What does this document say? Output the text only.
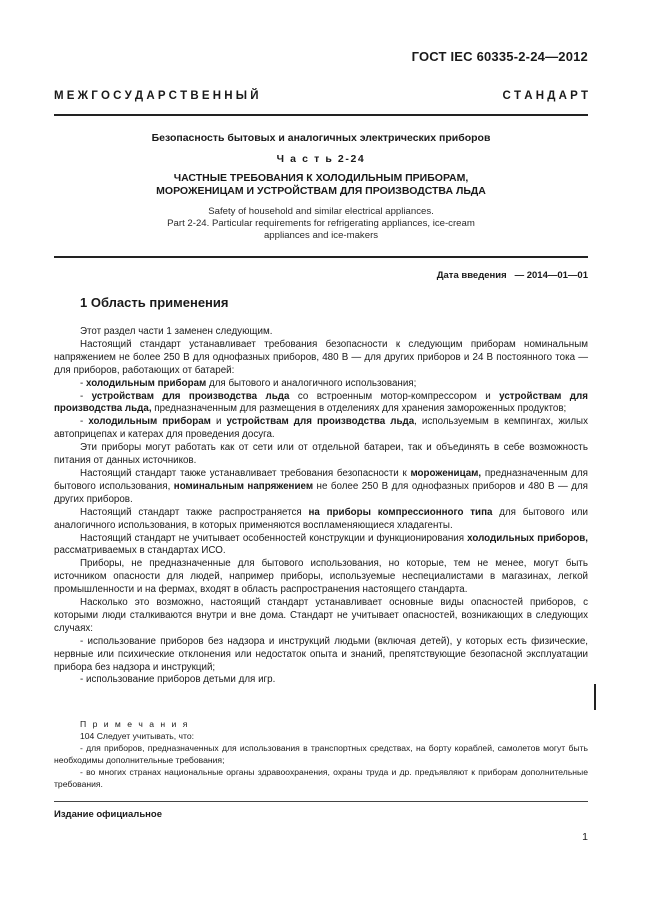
ГОСТ IEC 60335-2-24—2012
М Е Ж Г О С У Д А Р С Т В Е Н Н Ы Й	С Т А Н Д А Р Т
Безопасность бытовых и аналогичных электрических приборов
Ч а с т ь 2-24
ЧАСТНЫЕ ТРЕБОВАНИЯ К ХОЛОДИЛЬНЫМ ПРИБОРАМ,
МОРОЖЕНИЦАМ И УСТРОЙСТВАМ ДЛЯ ПРОИЗВОДСТВА ЛЬДА
Safety of household and similar electrical appliances.
Part 2-24. Particular requirements for refrigerating appliances, ice-cream
appliances and ice-makers
Дата введения — 2014—01—01
1 Область применения

Этот раздел части 1 заменен следующим.

Настоящий стандарт устанавливает требования безопасности к следующим приборам номинальным напряжением не более 250 В для однофазных приборов, 480 В — для других приборов и 24 В постоянного тока — для приборов, работающих от батарей:

- холодильным приборам для бытового и аналогичного использования;

- устройствам для производства льда со встроенным мотор-компрессором и устройствам для производства льда, предназначенным для размещения в отделениях для хранения замороженных продуктов;

- холодильным приборам и устройствам для производства льда, используемым в кемпингах, жилых автоприцепах и катерах для проведения досуга.

Эти приборы могут работать как от сети или от отдельной батареи, так и объединять в себе возможность питания от данных источников.

Настоящий стандарт также устанавливает требования безопасности к мороженицам, предназначенным для бытового использования, номинальным напряжением не более 250 В для однофазных приборов и 480 В — для других приборов.

Настоящий стандарт также распространяется на приборы компрессионного типа для бытового или аналогичного использования, в которых применяются воспламеняющиеся хладагенты.

Настоящий стандарт не учитывает особенностей конструкции и функционирования холодильных приборов, рассматриваемых в стандартах ИСО.

Приборы, не предназначенные для бытового использования, но которые, тем не менее, могут быть источником опасности для людей, например приборы, используемые неспециалистами в магазинах, легкой промышленности и на фермах, входят в область распространения настоящего стандарта.

Насколько это возможно, настоящий стандарт устанавливает основные виды опасностей приборов, с которыми люди сталкиваются внутри и вне дома. Стандарт не учитывает опасностей, возникающих в следующих случаях:

- использование приборов без надзора и инструкций людьми (включая детей), у которых есть физические, нервные или психические отклонения или недостаток опыта и знаний, препятствующие безопасной эксплуатации прибора без надзора и инструкций;

- использование приборов детьми для игр.

П р и м е ч а н и я

104 Следует учитывать, что:

- для приборов, предназначенных для использования в транспортных средствах, на борту кораблей, самолетов могут быть необходимы дополнительные требования;

- во многих странах национальные органы здравоохранения, охраны труда и др. предъявляют к приборам дополнительные требования.

Издание официальное
1
